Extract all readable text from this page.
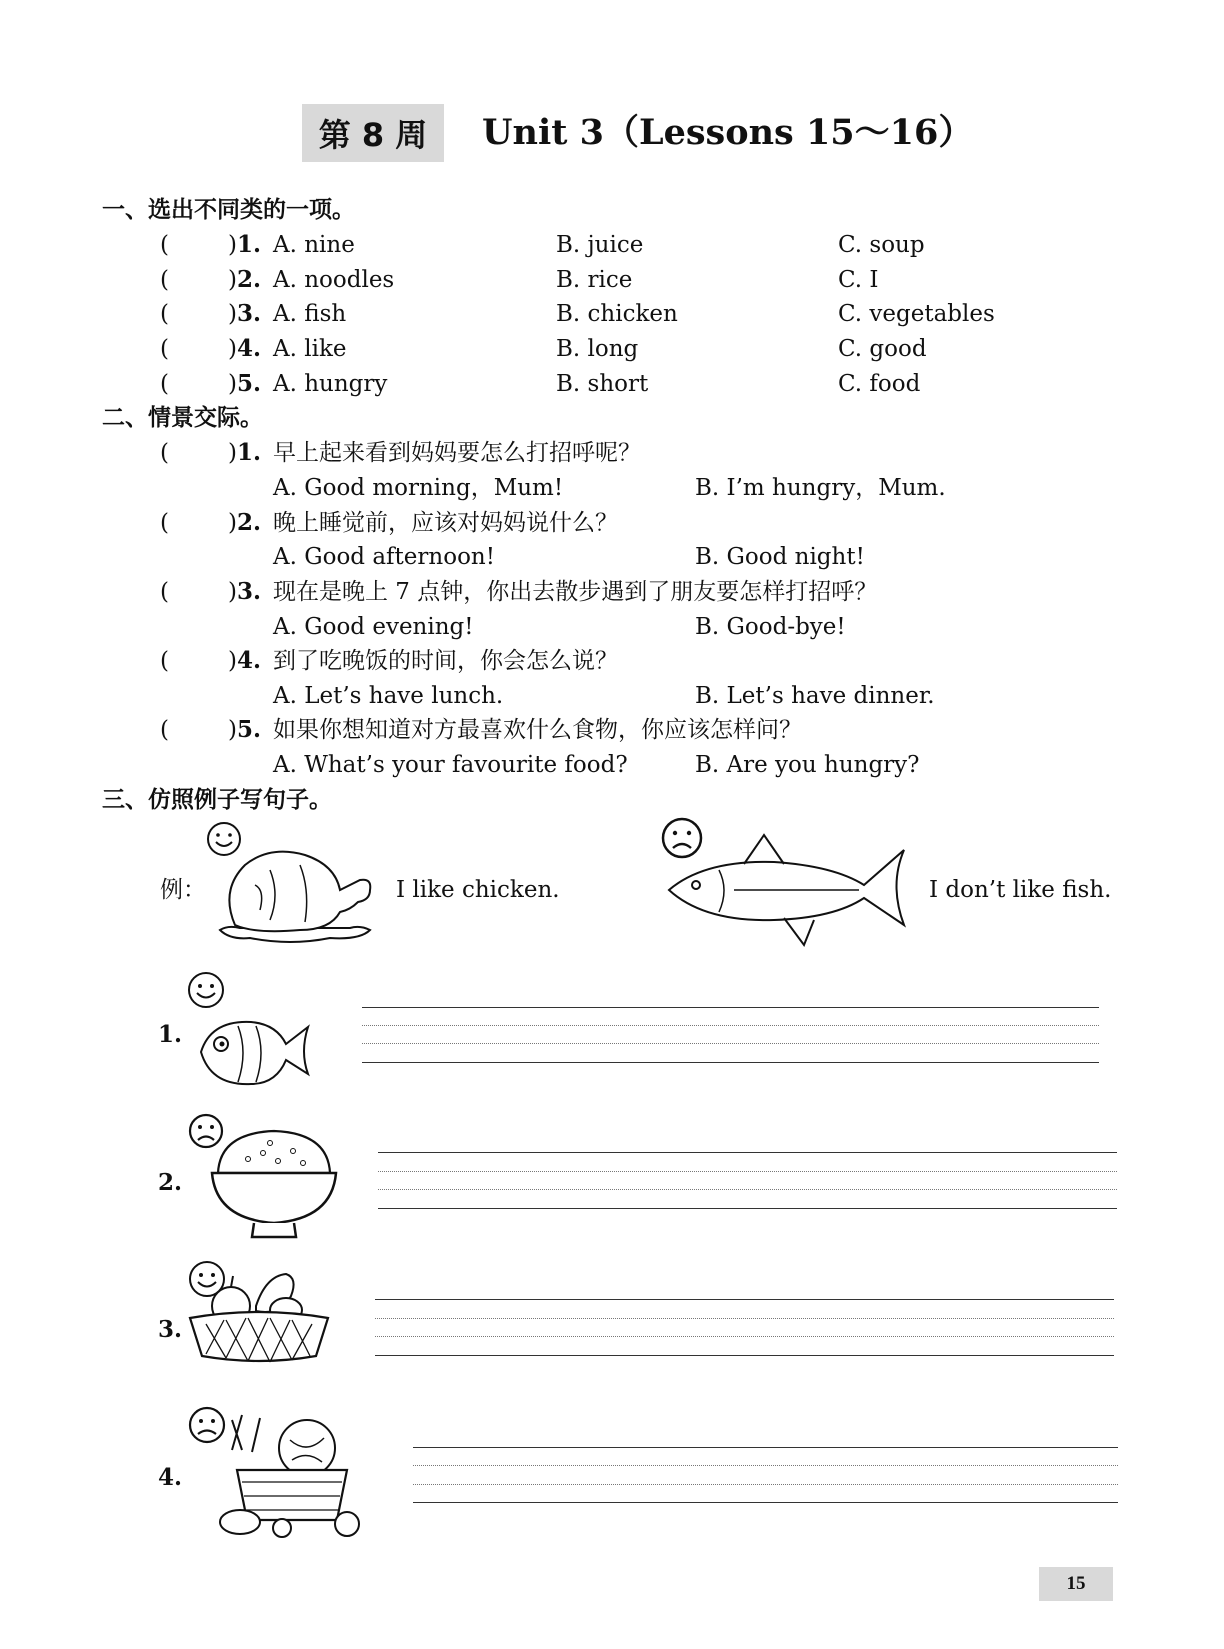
第 8 周	Unit 3（Lessons 15～16）
一、选出不同类的一项。
(	)1. A. nine	B. juice	C. soup
(	)2. A. noodles	B. rice	C. I
(	)3. A. fish	B. chicken	C. vegetables
(	)4. A. like	B. long	C. good
(	)5. A. hungry	B. short	C. food
二、情景交际。
(	)1. 早上起来看到妈妈要怎么打招呼呢？
A. Good morning，Mum!	B. I’m hungry，Mum.
(	)2. 晚上睡觉前，应该对妈妈说什么？
A. Good afternoon!	B. Good night!
(	)3. 现在是晚上 7 点钟，你出去散步遇到了朋友要怎样打招呼？
A. Good evening!	B. Good-bye!
(	)4. 到了吃晚饭的时间，你会怎么说？
A. Let’s have lunch.	B. Let’s have dinner.
(	)5. 如果你想知道对方最喜欢什么食物，你应该怎样问？
A. What’s your favourite food?	B. Are you hungry?
三、仿照例子写句子。
例：	I like chicken.	I don’t like fish.
1.
2.
3.
4.
15
